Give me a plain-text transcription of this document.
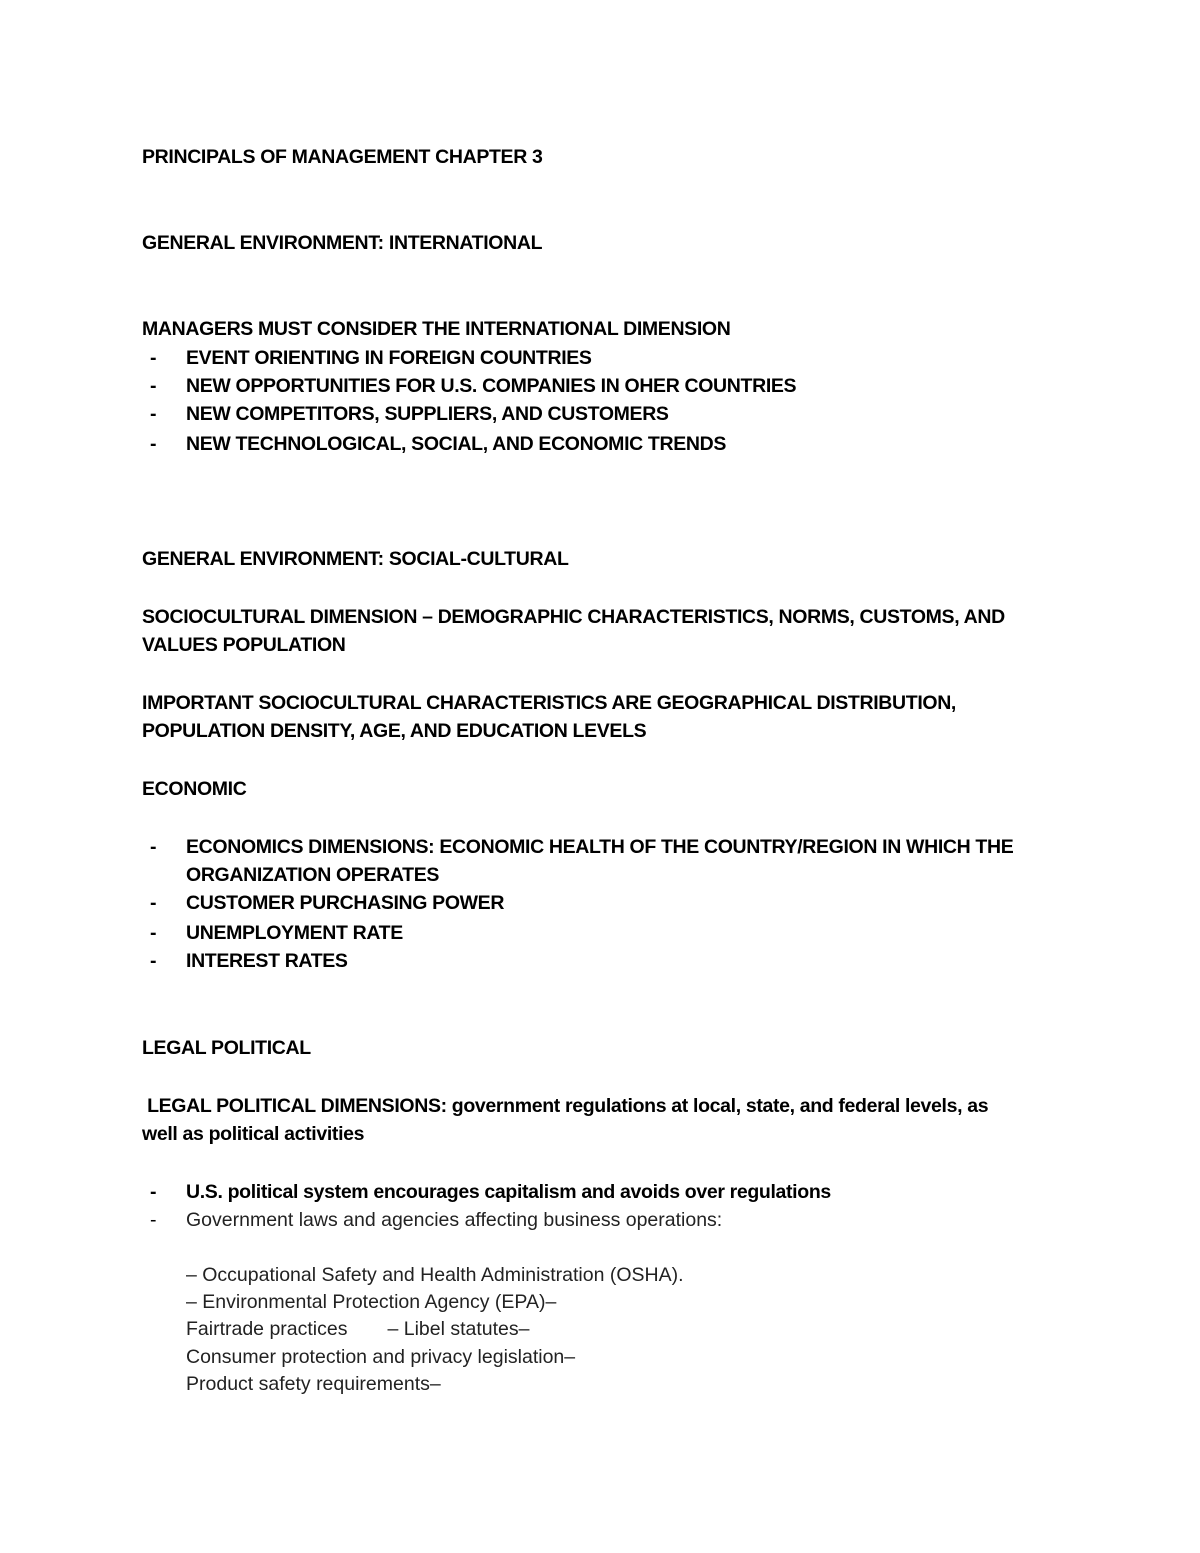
PRINCIPALS OF MANAGEMENT CHAPTER 3

GENERAL ENVIRONMENT: INTERNATIONAL

MANAGERS MUST CONSIDER THE INTERNATIONAL DIMENSION

- EVENT ORIENTING IN FOREIGN COUNTRIES

- NEW OPPORTUNITIES FOR U.S. COMPANIES IN OHER COUNTRIES

- NEW COMPETITORS, SUPPLIERS, AND CUSTOMERS

- NEW TECHNOLOGICAL, SOCIAL, AND ECONOMIC TRENDS

GENERAL ENVIRONMENT: SOCIAL-CULTURAL

SOCIOCULTURAL DIMENSION – DEMOGRAPHIC CHARACTERISTICS, NORMS, CUSTOMS, AND

VALUES POPULATION

IMPORTANT SOCIOCULTURAL CHARACTERISTICS ARE GEOGRAPHICAL DISTRIBUTION,

POPULATION DENSITY, AGE, AND EDUCATION LEVELS

ECONOMIC

- ECONOMICS DIMENSIONS: ECONOMIC HEALTH OF THE COUNTRY/REGION IN WHICH THE

ORGANIZATION OPERATES

- CUSTOMER PURCHASING POWER

- UNEMPLOYMENT RATE

- INTEREST RATES

LEGAL POLITICAL

LEGAL POLITICAL DIMENSIONS: government regulations at local, state, and federal levels, as

well as political activities

- U.S. political system encourages capitalism and avoids over regulations

- Government laws and agencies affecting business operations:

– Occupational Safety and Health Administration (OSHA).

– Environmental Protection Agency (EPA)–

Fairtrade practices – Libel statutes–

Consumer protection and privacy legislation–

Product safety requirements–
